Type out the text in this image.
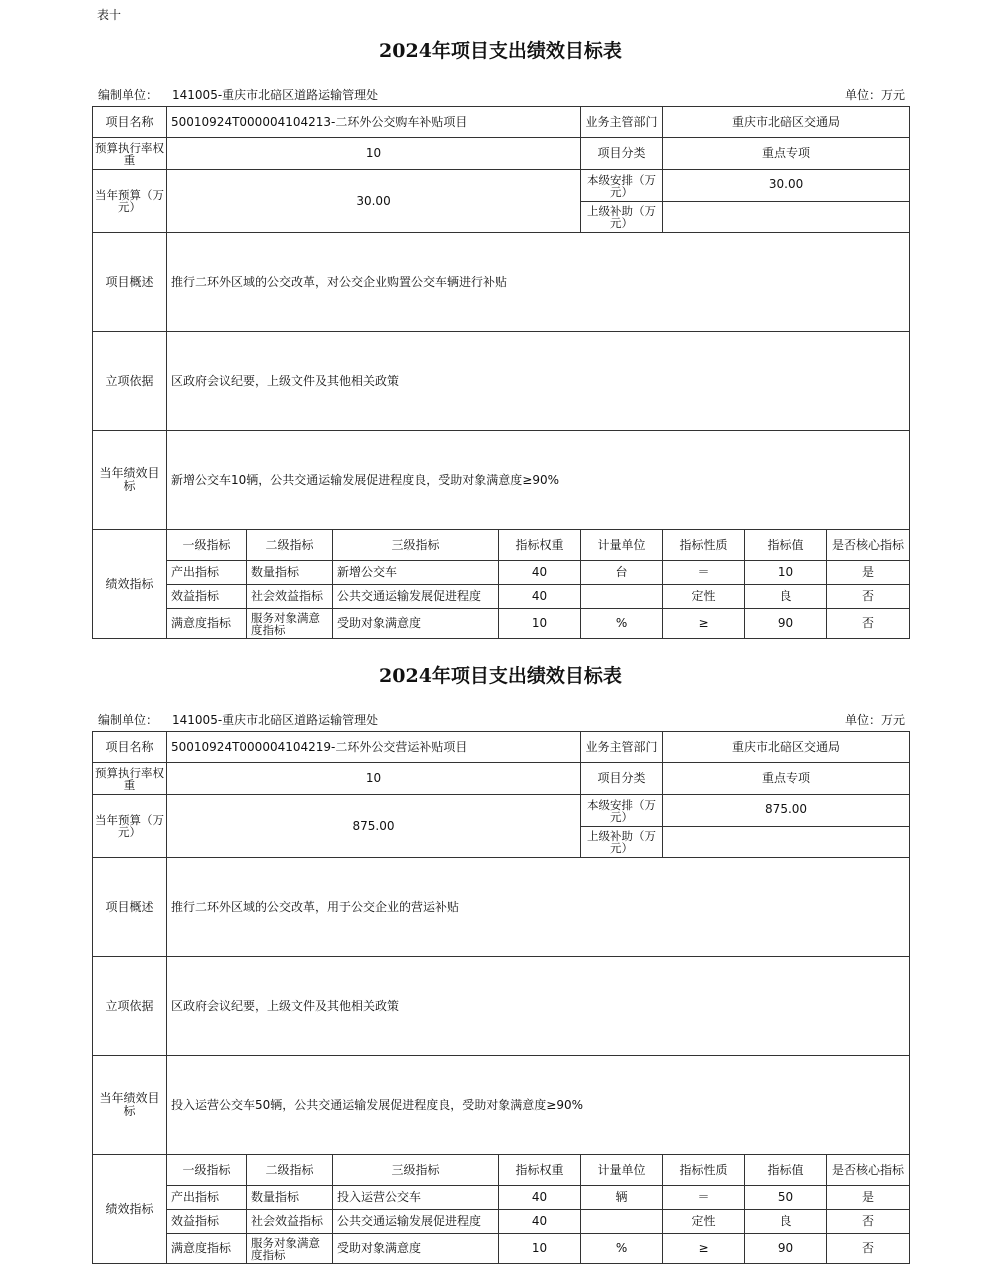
表十
2024年项目支出绩效目标表
编制单位： 141005-重庆市北碚区道路运输管理处	单位：万元
项目名称	50010924T000004104213-二环外公交购车补贴项目				业务主管部门	重庆市北碚区交通局		
预算执行率权重	10				项目分类	重点专项		
当年预算（万元）	30.00				本级安排（万元）	30.00		
					上级补助（万元）			
项目概述	推行二环外区域的公交改革，对公交企业购置公交车辆进行补贴							
立项依据	区政府会议纪要，上级文件及其他相关政策							
当年绩效目标	新增公交车10辆，公共交通运输发展促进程度良，受助对象满意度≥90%							
绩效指标	一级指标	二级指标	三级指标	指标权重	计量单位	指标性质	指标值	是否核心指标
	产出指标	数量指标	新增公交车	40	台	＝	10	是
	效益指标	社会效益指标	公共交通运输发展促进程度	40		定性	良	否
	满意度指标	服务对象满意度指标	受助对象满意度	10	%	≥	90	否
2024年项目支出绩效目标表
编制单位： 141005-重庆市北碚区道路运输管理处	单位：万元
项目名称	50010924T000004104219-二环外公交营运补贴项目				业务主管部门	重庆市北碚区交通局		
预算执行率权重	10				项目分类	重点专项		
当年预算（万元）	875.00				本级安排（万元）	875.00		
					上级补助（万元）			
项目概述	推行二环外区域的公交改革，用于公交企业的营运补贴							
立项依据	区政府会议纪要，上级文件及其他相关政策							
当年绩效目标	投入运营公交车50辆，公共交通运输发展促进程度良，受助对象满意度≥90%							
绩效指标	一级指标	二级指标	三级指标	指标权重	计量单位	指标性质	指标值	是否核心指标
	产出指标	数量指标	投入运营公交车	40	辆	＝	50	是
	效益指标	社会效益指标	公共交通运输发展促进程度	40		定性	良	否
	满意度指标	服务对象满意度指标	受助对象满意度	10	%	≥	90	否
